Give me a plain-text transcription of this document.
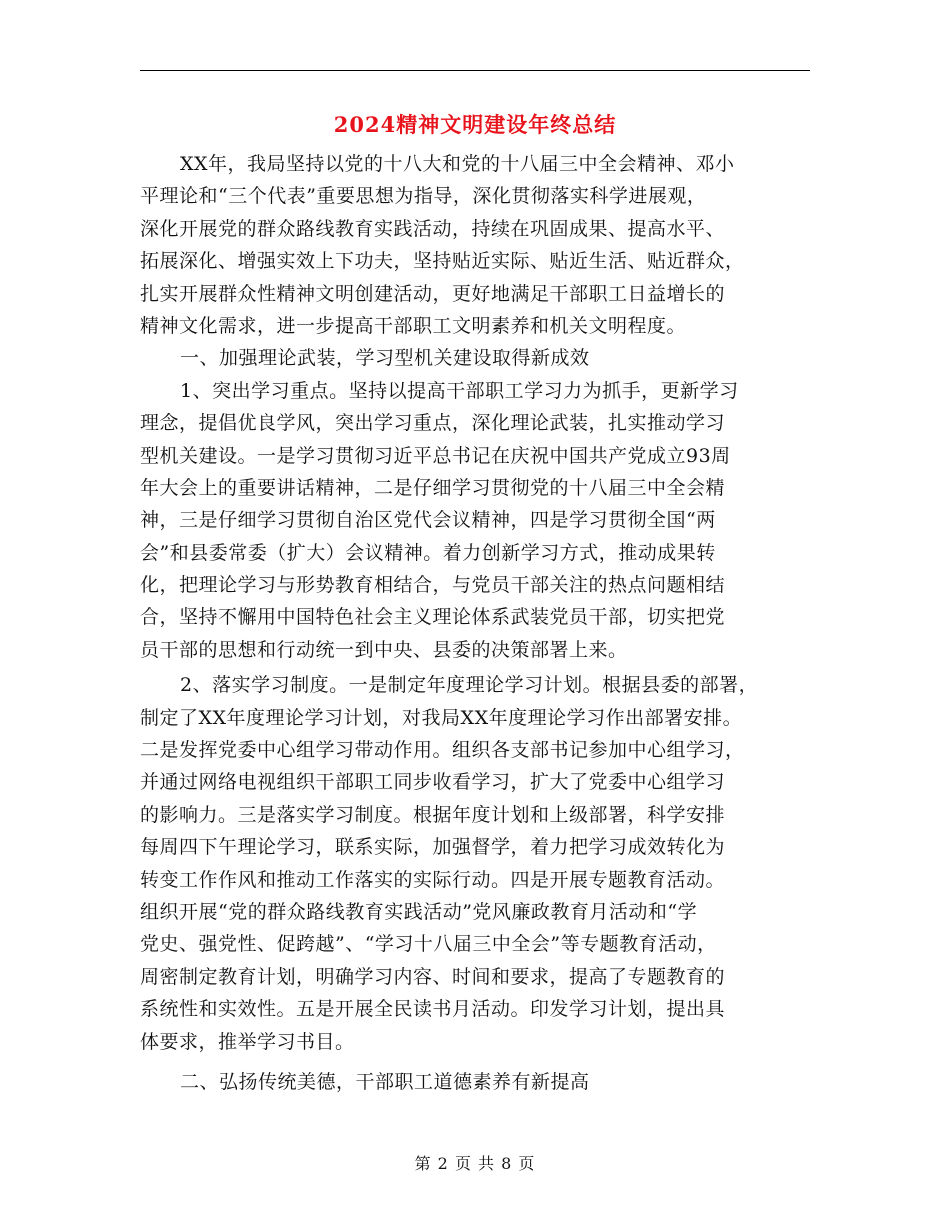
2024精神文明建设年终总结
XX年，我局坚持以党的十八大和党的十八届三中全会精神、邓小
平理论和“三个代表”重要思想为指导，深化贯彻落实科学进展观，
深化开展党的群众路线教育实践活动，持续在巩固成果、提高水平、
拓展深化、增强实效上下功夫，坚持贴近实际、贴近生活、贴近群众，
扎实开展群众性精神文明创建活动，更好地满足干部职工日益增长的
精神文化需求，进一步提高干部职工文明素养和机关文明程度。
一、加强理论武装，学习型机关建设取得新成效
1、突出学习重点。坚持以提高干部职工学习力为抓手，更新学习
理念，提倡优良学风，突出学习重点，深化理论武装，扎实推动学习
型机关建设。一是学习贯彻习近平总书记在庆祝中国共产党成立93周
年大会上的重要讲话精神，二是仔细学习贯彻党的十八届三中全会精
神，三是仔细学习贯彻自治区党代会议精神，四是学习贯彻全国“两
会”和县委常委（扩大）会议精神。着力创新学习方式，推动成果转
化，把理论学习与形势教育相结合，与党员干部关注的热点问题相结
合，坚持不懈用中国特色社会主义理论体系武装党员干部，切实把党
员干部的思想和行动统一到中央、县委的决策部署上来。
2、落实学习制度。一是制定年度理论学习计划。根据县委的部署，
制定了XX年度理论学习计划，对我局XX年度理论学习作出部署安排。
二是发挥党委中心组学习带动作用。组织各支部书记参加中心组学习，
并通过网络电视组织干部职工同步收看学习，扩大了党委中心组学习
的影响力。三是落实学习制度。根据年度计划和上级部署，科学安排
每周四下午理论学习，联系实际，加强督学，着力把学习成效转化为
转变工作作风和推动工作落实的实际行动。四是开展专题教育活动。
组织开展“党的群众路线教育实践活动”党风廉政教育月活动和“学
党史、强党性、促跨越”、“学习十八届三中全会”等专题教育活动，
周密制定教育计划，明确学习内容、时间和要求，提高了专题教育的
系统性和实效性。五是开展全民读书月活动。印发学习计划，提出具
体要求，推举学习书目。
二、弘扬传统美德，干部职工道德素养有新提高
第 2 页 共 8 页
